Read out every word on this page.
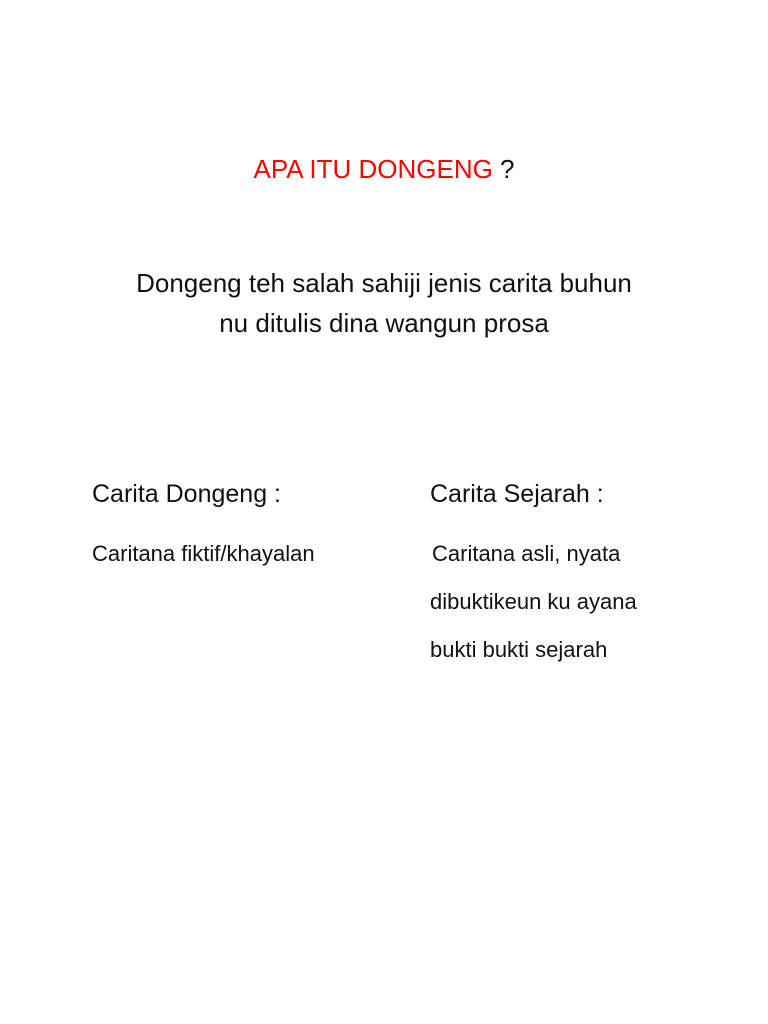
APA ITU DONGENG ?
Dongeng teh salah sahiji jenis carita buhun
nu ditulis dina wangun prosa
Carita Dongeng :
Caritana fiktif/khayalan
Carita Sejarah :
Caritana asli, nyata
dibuktikeun ku ayana
bukti bukti sejarah
